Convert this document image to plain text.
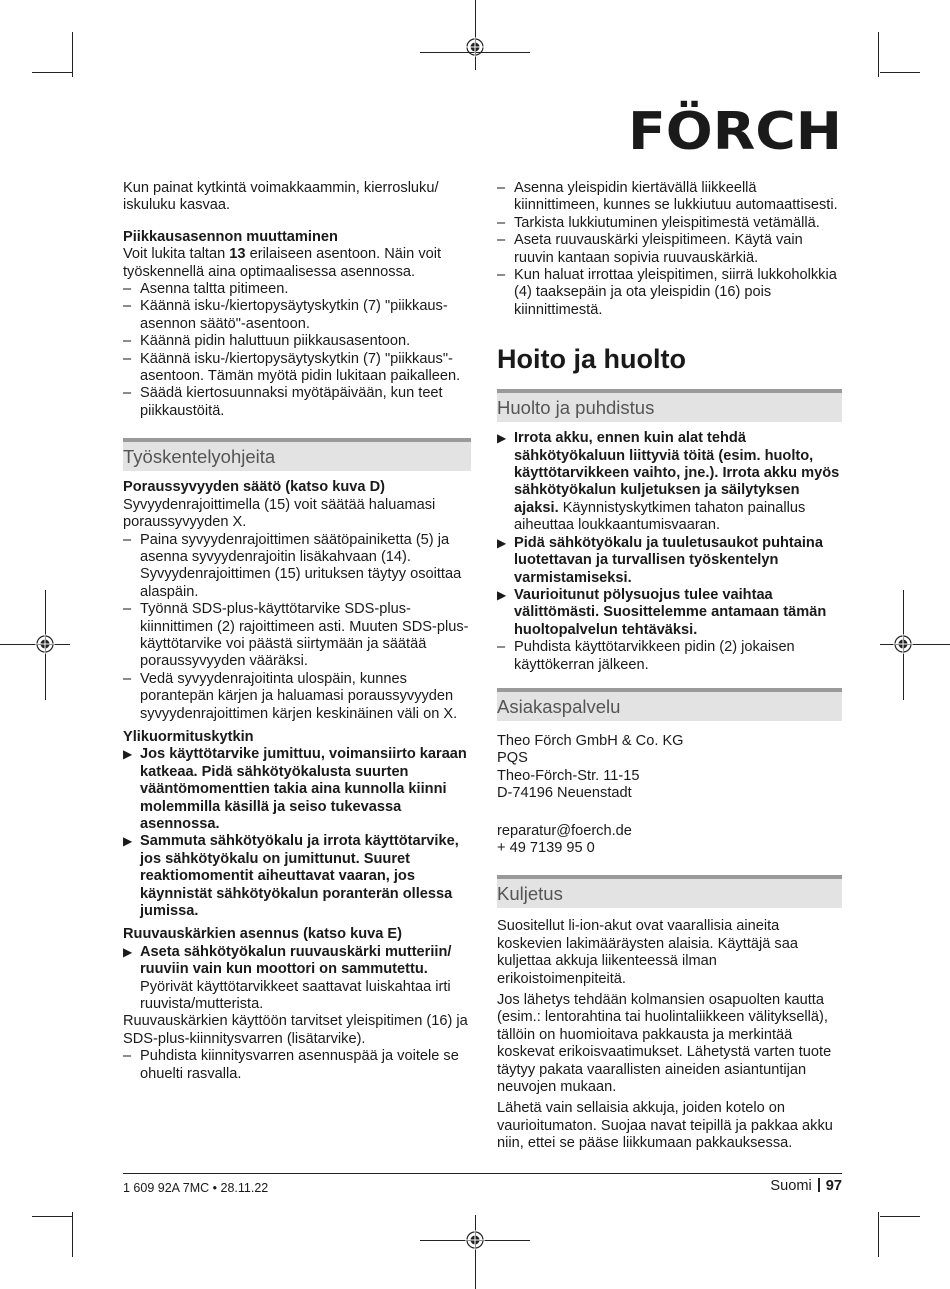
FÖRCH

Kun painat kytkintä voimakkaammin, kierrosluku/ iskuluku kasvaa.

Piikkausasennon muuttaminen

Voit lukita taltan 13 erilaiseen asentoon. Näin voit työskennellä aina optimaalisessa asennossa.

– Asenna taltta pitimeen.

– Käännä isku-/kiertopysäytyskytkin (7) "piikkaus-asennon säätö"-asentoon.

– Käännä pidin haluttuun piikkausasentoon.

– Käännä isku-/kiertopysäytyskytkin (7) "piikkaus"-asentoon. Tämän myötä pidin lukitaan paikalleen.

– Säädä kiertosuunnaksi myötäpäivään, kun teet piikkaustöitä.

Työskentelyohjeita

Poraussyvyyden säätö (katso kuva D)

Syvyydenrajoittimella (15) voit säätää haluamasi poraussyvyyden X.

– Paina syvyydenrajoittimen säätöpainiketta (5) ja asenna syvyydenrajoitin lisäkahvaan (14). Syvyydenrajoittimen (15) urituksen täytyy osoittaa alaspäin.

– Työnnä SDS-plus-käyttötarvike SDS-plus-kiinnittimen (2) rajoittimeen asti. Muuten SDS-plus-käyttötarvike voi päästä siirtymään ja säätää poraussyvyyden vääräksi.

– Vedä syvyydenrajoitinta ulospäin, kunnes porantерän kärjen ja haluamasi poraussyvyyden syvyydenrajoittimen kärjen keskinäinen väli on X.

Ylikuormituskytkin

▶ Jos käyttötarvike jumittuu, voimansiirto karaan katkeaa. Pidä sähkötyökalusta suurten vääntömomenttien takia aina kunnolla kiinni molemmilla käsillä ja seiso tukevassa asennossa.

▶ Sammuta sähkötyökalu ja irrota käyttötarvike, jos sähkötyökalu on jumittunut. Suuret reaktiomomentit aiheuttavat vaaran, jos käynnistät sähkötyökalun poranterän ollessa jumissa.

Ruuvauskärkien asennus (katso kuva E)

▶ Aseta sähkötyökalun ruuvauskärki mutteriin/ ruuviin vain kun moottori on sammutettu. Pyörivät käyttötarvikkeet saattavat luiskahtaa irti ruuvista/mutterista.

Ruuvauskärkien käyttöön tarvitset yleispitimen (16) ja SDS-plus-kiinnitysvarren (lisätarvike).

– Puhdista kiinnitysvarren asennuspää ja voitele se ohuelti rasvalla.

– Asenna yleispidin kiertävällä liikkeellä kiinnittimeen, kunnes se lukkiutuu automaattisesti.

– Tarkista lukkiutuminen yleispitimestä vetämällä.

– Aseta ruuvauskärki yleispitimeen. Käytä vain ruuvin kantaan sopivia ruuvauskärkiä.

– Kun haluat irrottaa yleispitimen, siirrä lukkoholkkia (4) taaksepäin ja ota yleispidin (16) pois kiinnittimestä.

Hoito ja huolto
Huolto ja puhdistus

▶ Irrota akku, ennen kuin alat tehdä sähkötyökaluun liittyviä töitä (esim. huolto, käyttötarvikkeen vaihto, jne.). Irrota akku myös sähkötyökalun kuljetuksen ja säilytyksen ajaksi. Käynnistyskytkimen tahaton painallus aiheuttaa loukkaantumisvaaran.

▶ Pidä sähkötyökalu ja tuuletusaukot puhtaina luotettavan ja turvallisen työskentelyn varmistamiseksi.

▶ Vaurioitunut pölysuojus tulee vaihtaa välittömästi. Suosittelemme antamaan tämän huoltopalvelun tehtäväksi.

– Puhdista käyttötarvikkeen pidin (2) jokaisen käyttökerran jälkeen.

Asiakaspalvelu

Theo Förch GmbH & Co. KG

PQS

Theo-Förch-Str. 11-15

D-74196 Neuenstadt

reparatur@foerch.de

+ 49 7139 95 0

Kuljetus

Suositellut li-ion-akut ovat vaarallisia aineita koskevien lakimääräysten alaisia. Käyttäjä saa kuljettaa akkuja liikenteessä ilman erikoistoimenpiteitä.

Jos lähetys tehdään kolmansien osapuolten kautta (esim.: lentorahtina tai huolintaliikkeen välityksellä), tällöin on huomioitava pakkausta ja merkintää koskevat erikoisvaatimukset. Lähetystä varten tuote täytyy pakata vaarallisten aineiden asiantuntijan neuvojen mukaan.

Lähetä vain sellaisia akkuja, joiden kotelo on vaurioitumaton. Suojaa navat teipillä ja pakkaa akku niin, ettei se pääse liikkumaan pakkauksessa.

1 609 92A 7MC • 28.11.22	Suomi 97
